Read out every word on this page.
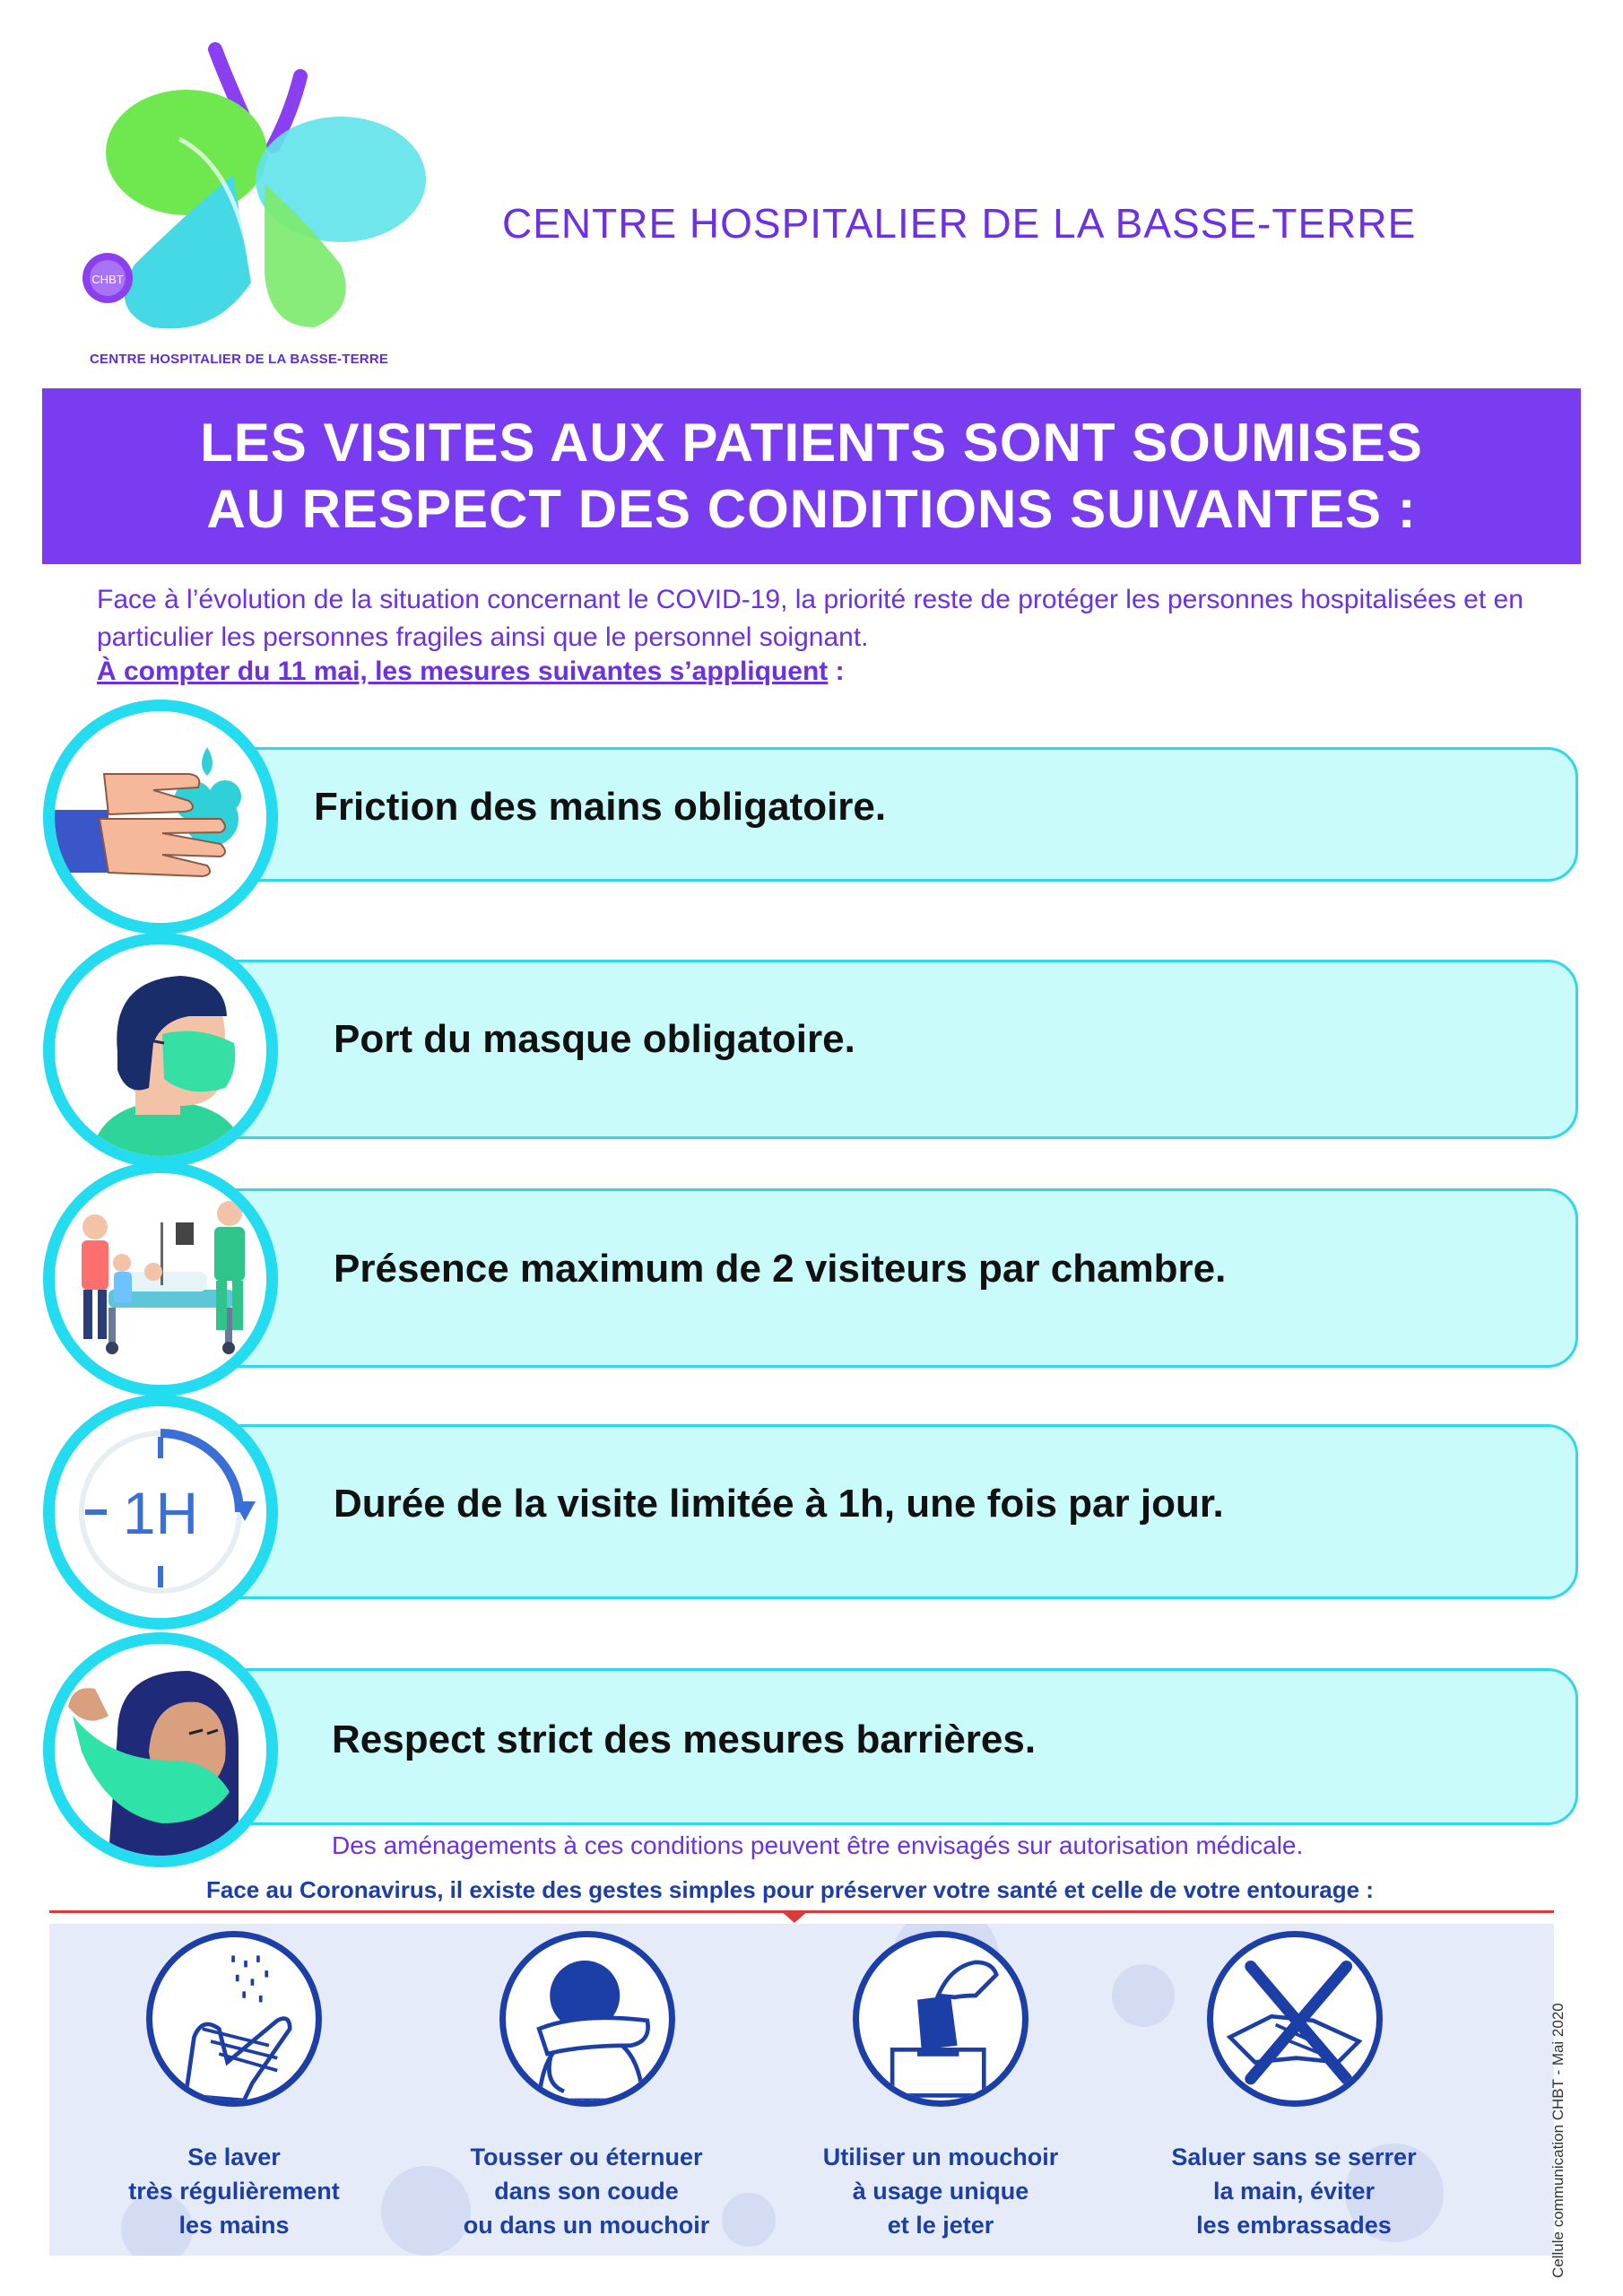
CHBT
CENTRE HOSPITALIER DE LA BASSE-TERRE
CENTRE HOSPITALIER DE LA BASSE-TERRE
LES VISITES AUX PATIENTS SONT SOUMISES
AU RESPECT DES CONDITIONS SUIVANTES :
Face à l’évolution de la situation concernant le COVID-19, la priorité reste de protéger les personnes hospitalisées et en particulier les personnes fragiles ainsi que le personnel soignant.
À compter du 11 mai, les mesures suivantes s’appliquent :
Friction des mains obligatoire.
Port du masque obligatoire.
Présence maximum de 2 visiteurs par chambre.
Durée de la visite limitée à 1h, une fois par jour.
1H
Respect strict des mesures barrières.
Des aménagements à ces conditions peuvent être envisagés sur autorisation médicale.
Face au Coronavirus, il existe des gestes simples pour préserver votre santé et celle de votre entourage :
Se laver
très régulièrement
les mains
Tousser ou éternuer
dans son coude
ou dans un mouchoir
Utiliser un mouchoir
à usage unique
et le jeter
Saluer sans se serrer
la main, éviter
les embrassades	Cellule communication CHBT - Mai 2020
